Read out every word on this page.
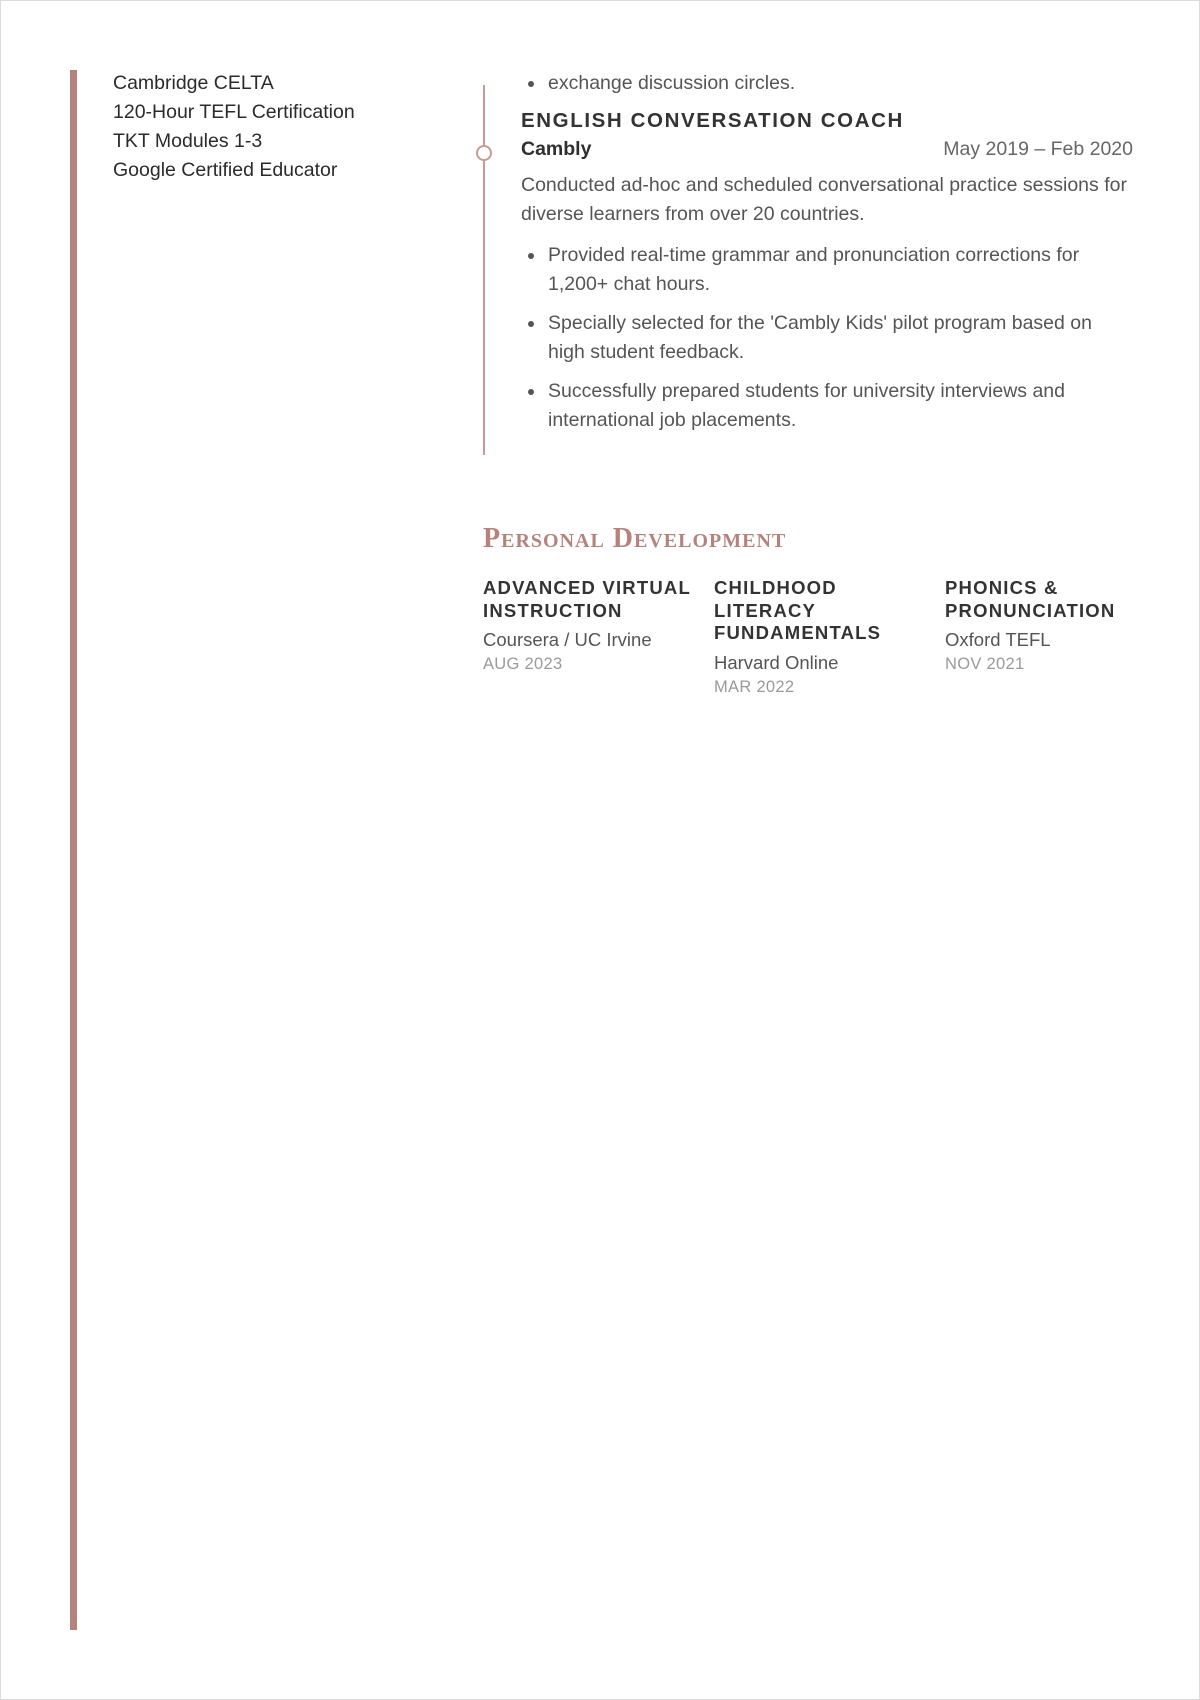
Cambridge CELTA
120-Hour TEFL Certification
TKT Modules 1-3
Google Certified Educator
exchange discussion circles.
ENGLISH CONVERSATION COACH
Cambly	May 2019 – Feb 2020

Conducted ad-hoc and scheduled conversational practice sessions for diverse learners from over 20 countries.

Provided real-time grammar and pronunciation corrections for 1,200+ chat hours.
Specially selected for the 'Cambly Kids' pilot program based on high student feedback.
Successfully prepared students for university interviews and international job placements.
Personal Development
ADVANCED VIRTUAL INSTRUCTION
Coursera / UC Irvine
AUG 2023
CHILDHOOD LITERACY FUNDAMENTALS
Harvard Online
MAR 2022
PHONICS & PRONUNCIATION
Oxford TEFL
NOV 2021
